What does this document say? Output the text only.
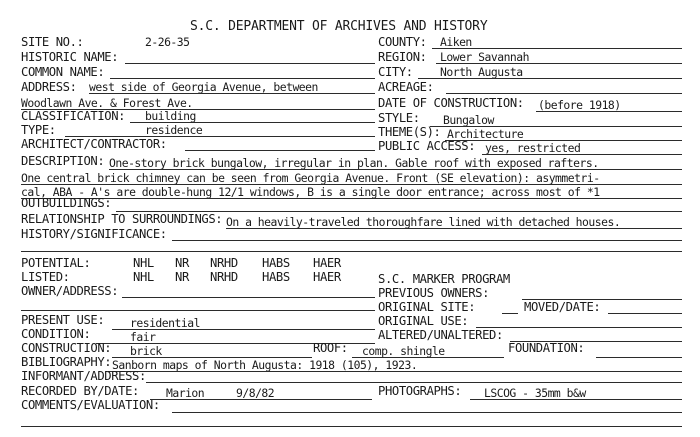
S.C. DEPARTMENT OF ARCHIVES AND HISTORY
SITE NO.:	2-26-35
HISTORIC NAME:
COMMON NAME:
ADDRESS: west side of Georgia Avenue, between
Woodlawn Ave. & Forest Ave.
CLASSIFICATION: building
TYPE:	residence
ARCHITECT/CONTRACTOR:
COUNTY: Aiken
REGION: Lower Savannah
CITY: North Augusta
ACREAGE:
DATE OF CONSTRUCTION: (before 1918)
STYLE: Bungalow
THEME(S): Architecture
PUBLIC ACCESS: yes, restricted
DESCRIPTION: One-story brick bungalow, irregular in plan. Gable roof with exposed rafters.
One central brick chimney can be seen from Georgia Avenue. Front (SE elevation): asymmetri-
cal, ABA - A's are double-hung 12/1 windows, B is a single door entrance; across most of *1
OUTBUILDINGS:
RELATIONSHIP TO SURROUNDINGS: On a heavily-traveled thoroughfare lined with detached houses.
HISTORY/SIGNIFICANCE:
POTENTIAL:	NHL NR NRHD HABS HAER
LISTED:	NHL NR NRHD HABS HAER
OWNER/ADDRESS:
PRESENT USE: residential
CONDITION:	fair
S.C. MARKER PROGRAM
PREVIOUS OWNERS:
ORIGINAL SITE:	MOVED/DATE:
ORIGINAL USE:
ALTERED/UNALTERED:
CONSTRUCTION: brick	ROOF: comp. shingle	FOUNDATION:
BIBLIOGRAPHY: Sanborn maps of North Augusta: 1918 (105), 1923.
INFORMANT/ADDRESS:
RECORDED BY/DATE: Marion	9/8/82	PHOTOGRAPHS: LSCOG - 35mm b&w
COMMENTS/EVALUATION:
